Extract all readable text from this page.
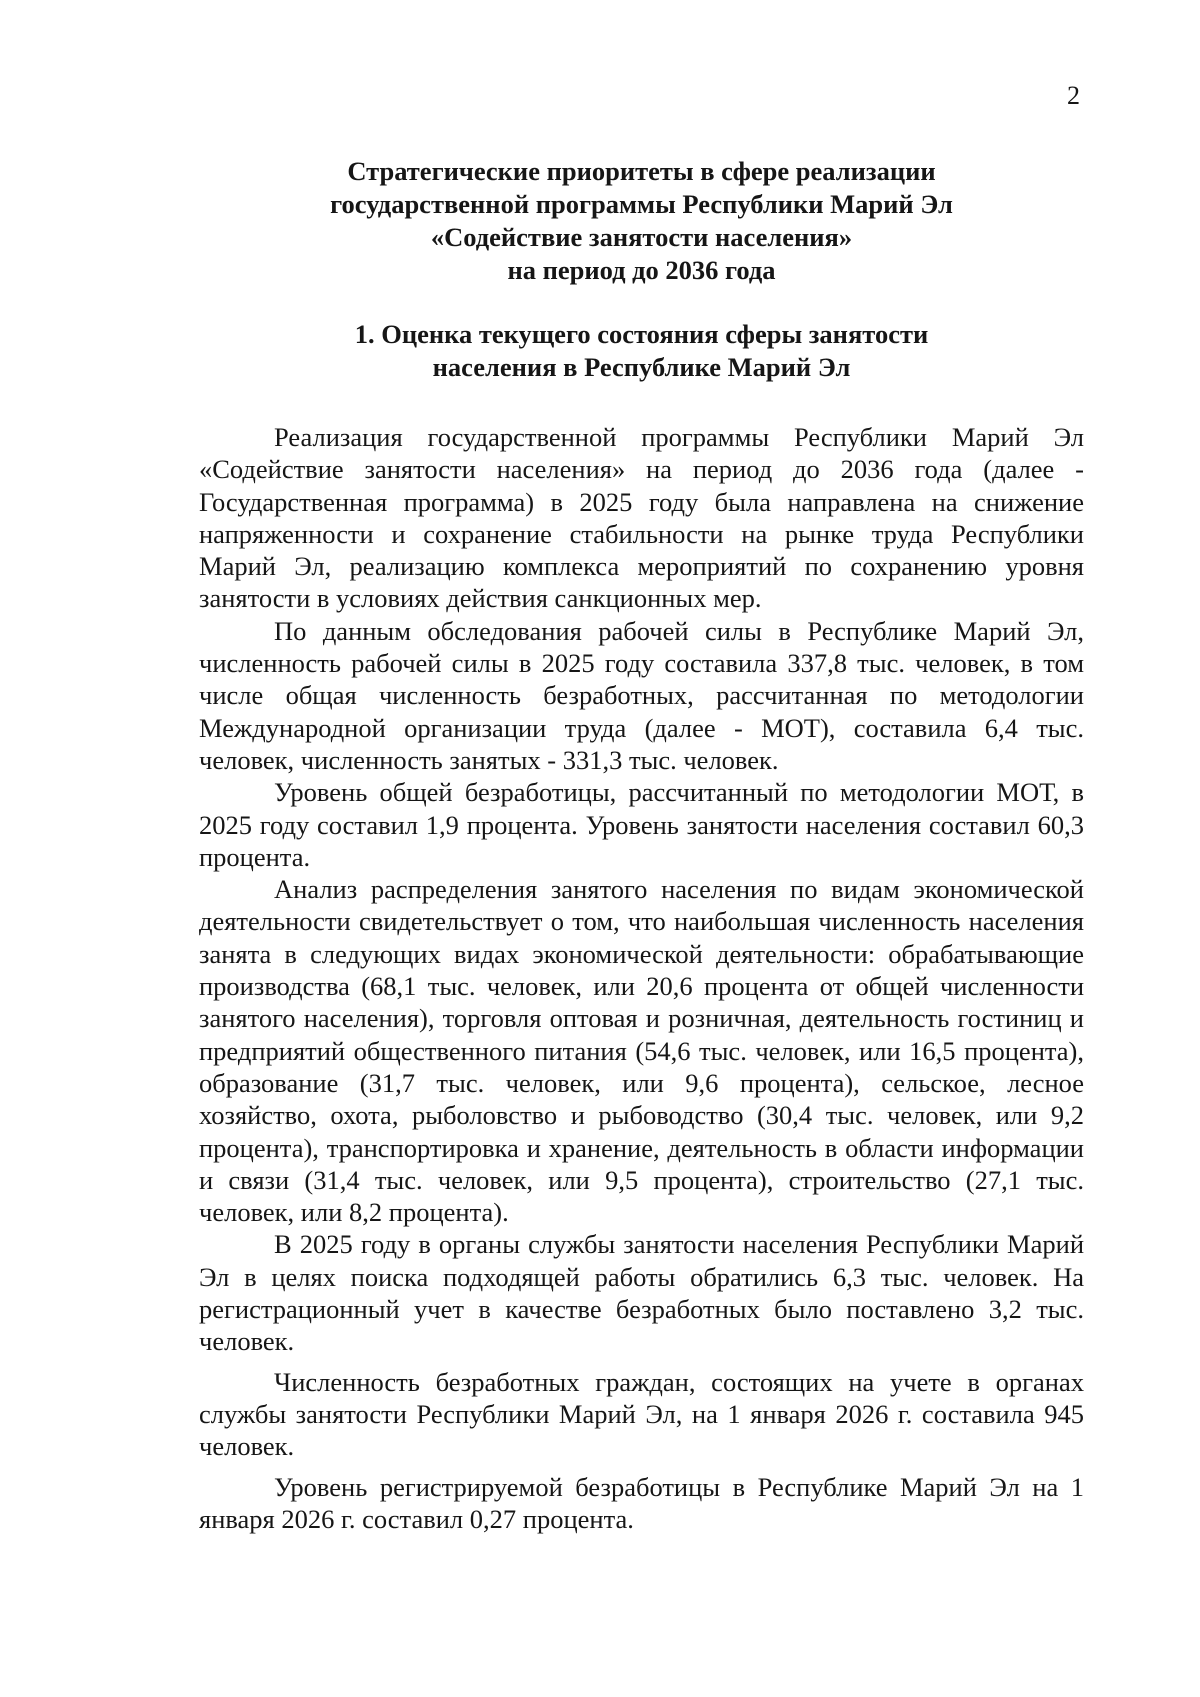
2
Стратегические приоритеты в сфере реализации
государственной программы Республики Марий Эл
«Содействие занятости населения»
на период до 2036 года
1. Оценка текущего состояния сферы занятости
населения в Республике Марий Эл

Реализация государственной программы Республики Марий Эл «Содействие занятости населения» на период до 2036 года (далее - Государственная программа) в 2025 году была направлена на снижение напряженности и сохранение стабильности на рынке труда Республики Марий Эл, реализацию комплекса мероприятий по сохранению уровня занятости в условиях действия санкционных мер.

По данным обследования рабочей силы в Республике Марий Эл, численность рабочей силы в 2025 году составила 337,8 тыс. человек, в том числе общая численность безработных, рассчитанная по методологии Международной организации труда (далее - МОТ), составила 6,4 тыс. человек, численность занятых - 331,3 тыс. человек.

Уровень общей безработицы, рассчитанный по методологии МОТ, в 2025 году составил 1,9 процента. Уровень занятости населения составил 60,3 процента.

Анализ распределения занятого населения по видам экономической деятельности свидетельствует о том, что наибольшая численность населения занята в следующих видах экономической деятельности: обрабатывающие производства (68,1 тыс. человек, или 20,6 процента от общей численности занятого населения), торговля оптовая и розничная, деятельность гостиниц и предприятий общественного питания (54,6 тыс. человек, или 16,5 процента), образование (31,7 тыс. человек, или 9,6 процента), сельское, лесное хозяйство, охота, рыболовство и рыбоводство (30,4 тыс. человек, или 9,2 процента), транспортировка и хранение, деятельность в области информации и связи (31,4 тыс. человек, или 9,5 процента), строительство (27,1 тыс. человек, или 8,2 процента).

В 2025 году в органы службы занятости населения Республики Марий Эл в целях поиска подходящей работы обратились 6,3 тыс. человек. На регистрационный учет в качестве безработных было поставлено 3,2 тыс. человек.

Численность безработных граждан, состоящих на учете в органах службы занятости Республики Марий Эл, на 1 января 2026 г. составила 945 человек.

Уровень регистрируемой безработицы в Республике Марий Эл на 1 января 2026 г. составил 0,27 процента.
